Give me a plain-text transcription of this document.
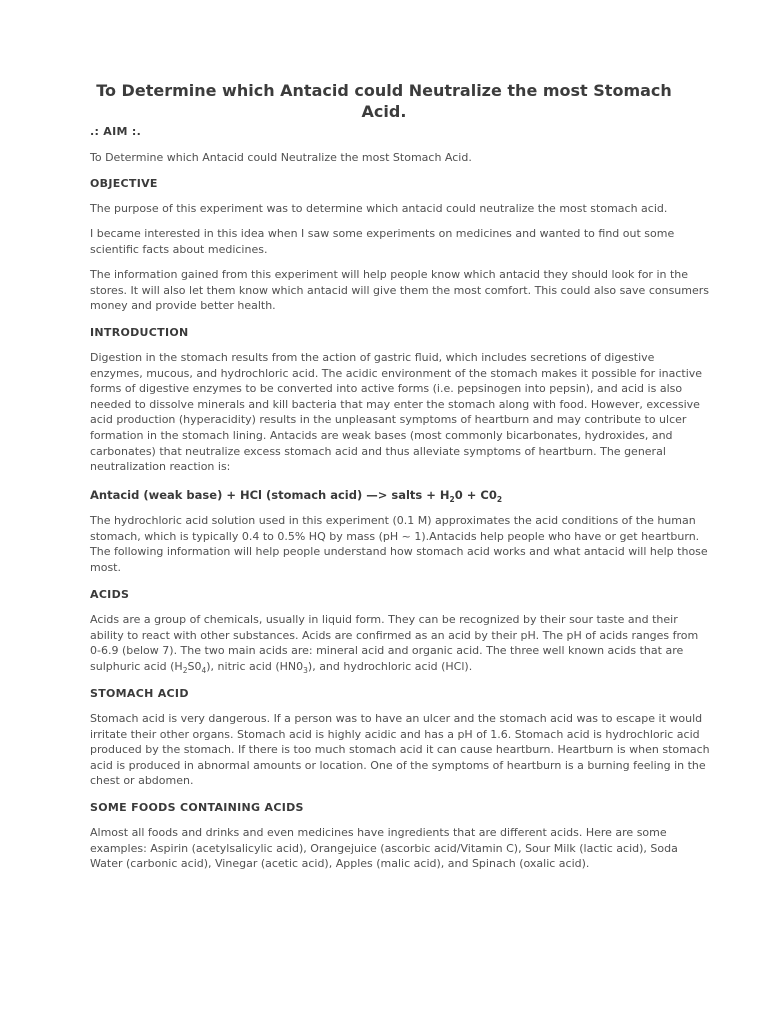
To Determine which Antacid could Neutralize the most Stomach Acid.
.: AIM :.
To Determine which Antacid could Neutralize the most Stomach Acid.
OBJECTIVE
The purpose of this experiment was to determine which antacid could neutralize the most stomach acid.
I became interested in this idea when I saw some experiments on medicines and wanted to find out some scientific facts about medicines.
The information gained from this experiment will help people know which antacid they should look for in the stores. It will also let them know which antacid will give them the most comfort. This could also save consumers money and provide better health.
INTRODUCTION
Digestion in the stomach results from the action of gastric fluid, which includes secretions of digestive enzymes, mucous, and hydrochloric acid. The acidic environment of the stomach makes it possible for inactive forms of digestive enzymes to be converted into active forms (i.e. pepsinogen into pepsin), and acid is also needed to dissolve minerals and kill bacteria that may enter the stomach along with food. However, excessive acid production (hyperacidity) results in the unpleasant symptoms of heartburn and may contribute to ulcer formation in the stomach lining. Antacids are weak bases (most commonly bicarbonates, hydroxides, and carbonates) that neutralize excess stomach acid and thus alleviate symptoms of heartburn. The general neutralization reaction is:
Antacid (weak base) + HCl (stomach acid) —> salts + $H_20 + C0_2$
The hydrochloric acid solution used in this experiment (0.1 M) approximates the acid conditions of the human stomach, which is typically 0.4 to 0.5% HQ by mass (pH ~ 1).Antacids help people who have or get heartburn. The following information will help people understand how stomach acid works and what antacid will help those most.
ACIDS
Acids are a group of chemicals, usually in liquid form. They can be recognized by their sour taste and their ability to react with other substances. Acids are confirmed as an acid by their pH. The pH of acids ranges from 0-6.9 (below 7). The two main acids are: mineral acid and organic acid. The three well known acids that are sulphuric acid $(H_2S0_4)$, nitric acid $(HN0_3)$, and hydrochloric acid (HCl).
STOMACH ACID
Stomach acid is very dangerous. If a person was to have an ulcer and the stomach acid was to escape it would irritate their other organs. Stomach acid is highly acidic and has a pH of 1.6. Stomach acid is hydrochloric acid produced by the stomach. If there is too much stomach acid it can cause heartburn. Heartburn is when stomach acid is produced in abnormal amounts or location. One of the symptoms of heartburn is a burning feeling in the chest or abdomen.
SOME FOODS CONTAINING ACIDS
Almost all foods and drinks and even medicines have ingredients that are different acids. Here are some examples: Aspirin (acetylsalicylic acid), Orangejuice (ascorbic acid/Vitamin C), Sour Milk (lactic acid), Soda Water (carbonic acid), Vinegar (acetic acid), Apples (malic acid), and Spinach (oxalic acid).
